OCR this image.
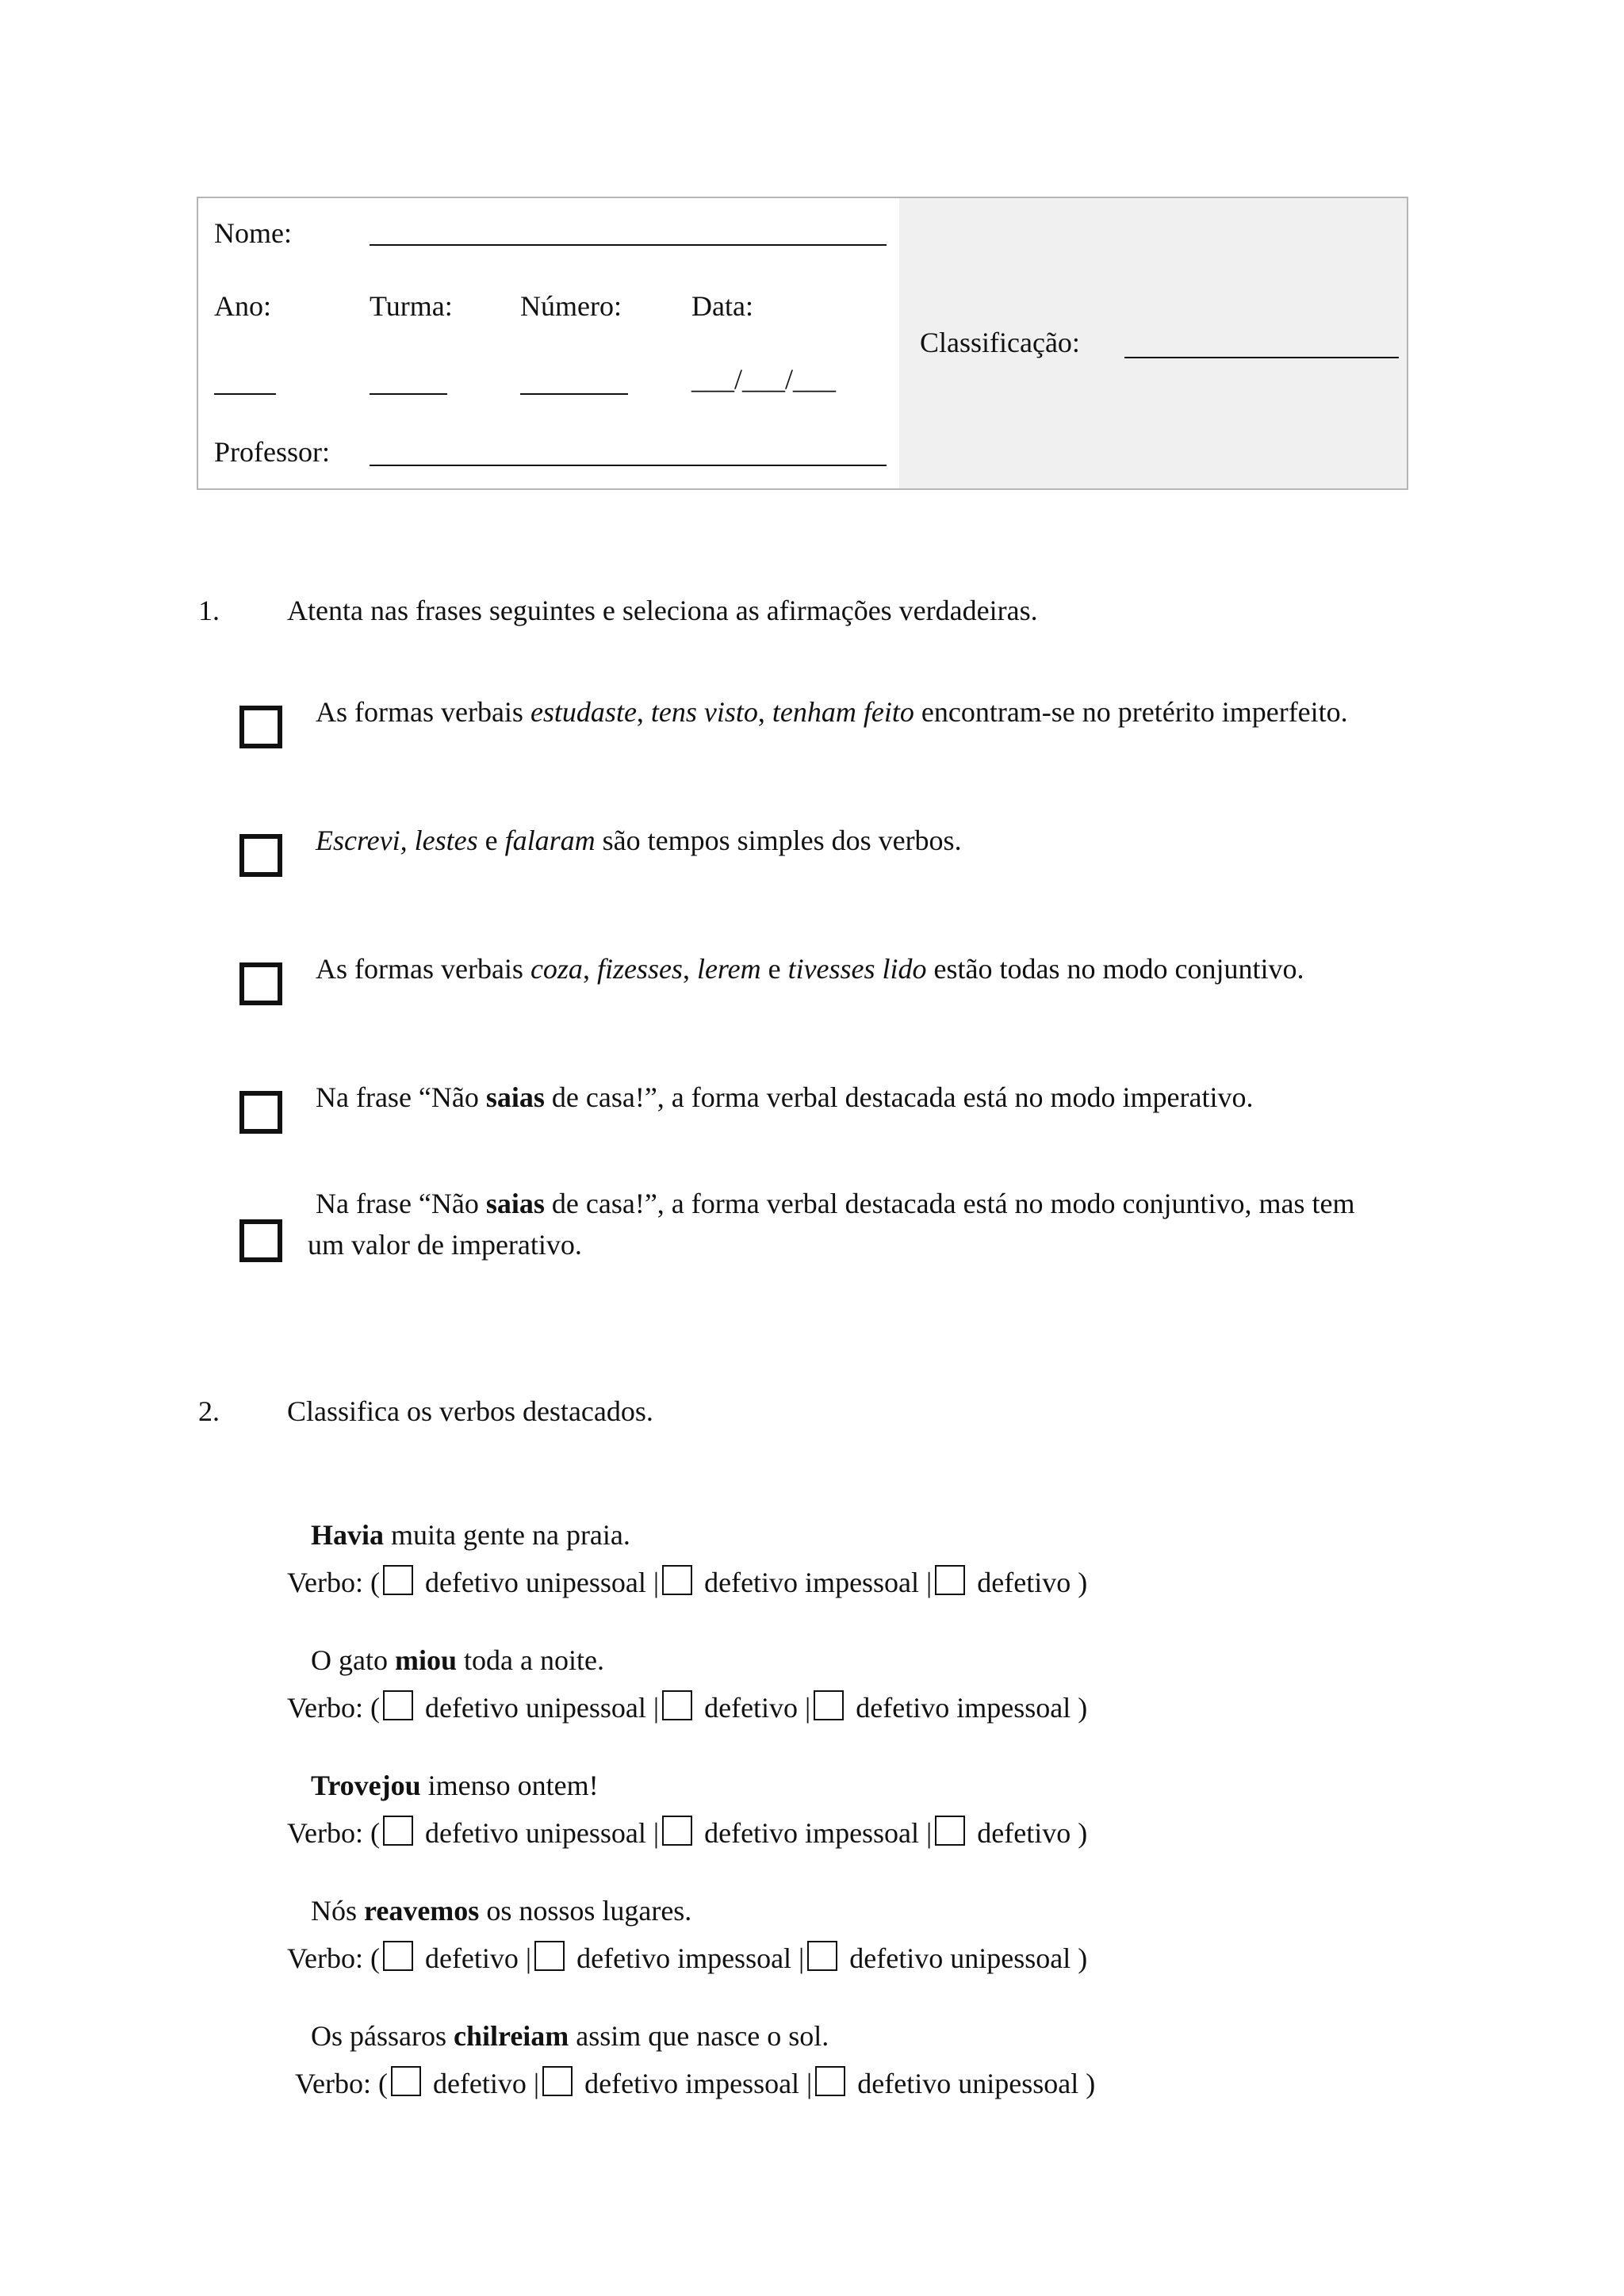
Nome:
Ano:	Turma: Número: Data:
___/___/___
Professor:
Classificação:
1. Atenta nas frases seguintes e seleciona as afirmações verdadeiras.
As formas verbais estudaste, tens visto, tenham feito encontram-se no pretérito imperfeito.
Escrevi, lestes e falaram são tempos simples dos verbos.
As formas verbais coza, fizesses, lerem e tivesses lido estão todas no modo conjuntivo.
Na frase “Não saias de casa!”, a forma verbal destacada está no modo imperativo.
Na frase “Não saias de casa!”, a forma verbal destacada está no modo conjuntivo, mas tem
um valor de imperativo.
2. Classifica os verbos destacados.
Havia muita gente na praia.
Verbo: ( defetivo unipessoal | defetivo impessoal | defetivo )
O gato miou toda a noite.
Verbo: ( defetivo unipessoal | defetivo | defetivo impessoal )
Trovejou imenso ontem!
Verbo: ( defetivo unipessoal | defetivo impessoal | defetivo )
Nós reavemos os nossos lugares.
Verbo: ( defetivo | defetivo impessoal | defetivo unipessoal )
Os pássaros chilreiam assim que nasce o sol.
Verbo: ( defetivo | defetivo impessoal | defetivo unipessoal )
